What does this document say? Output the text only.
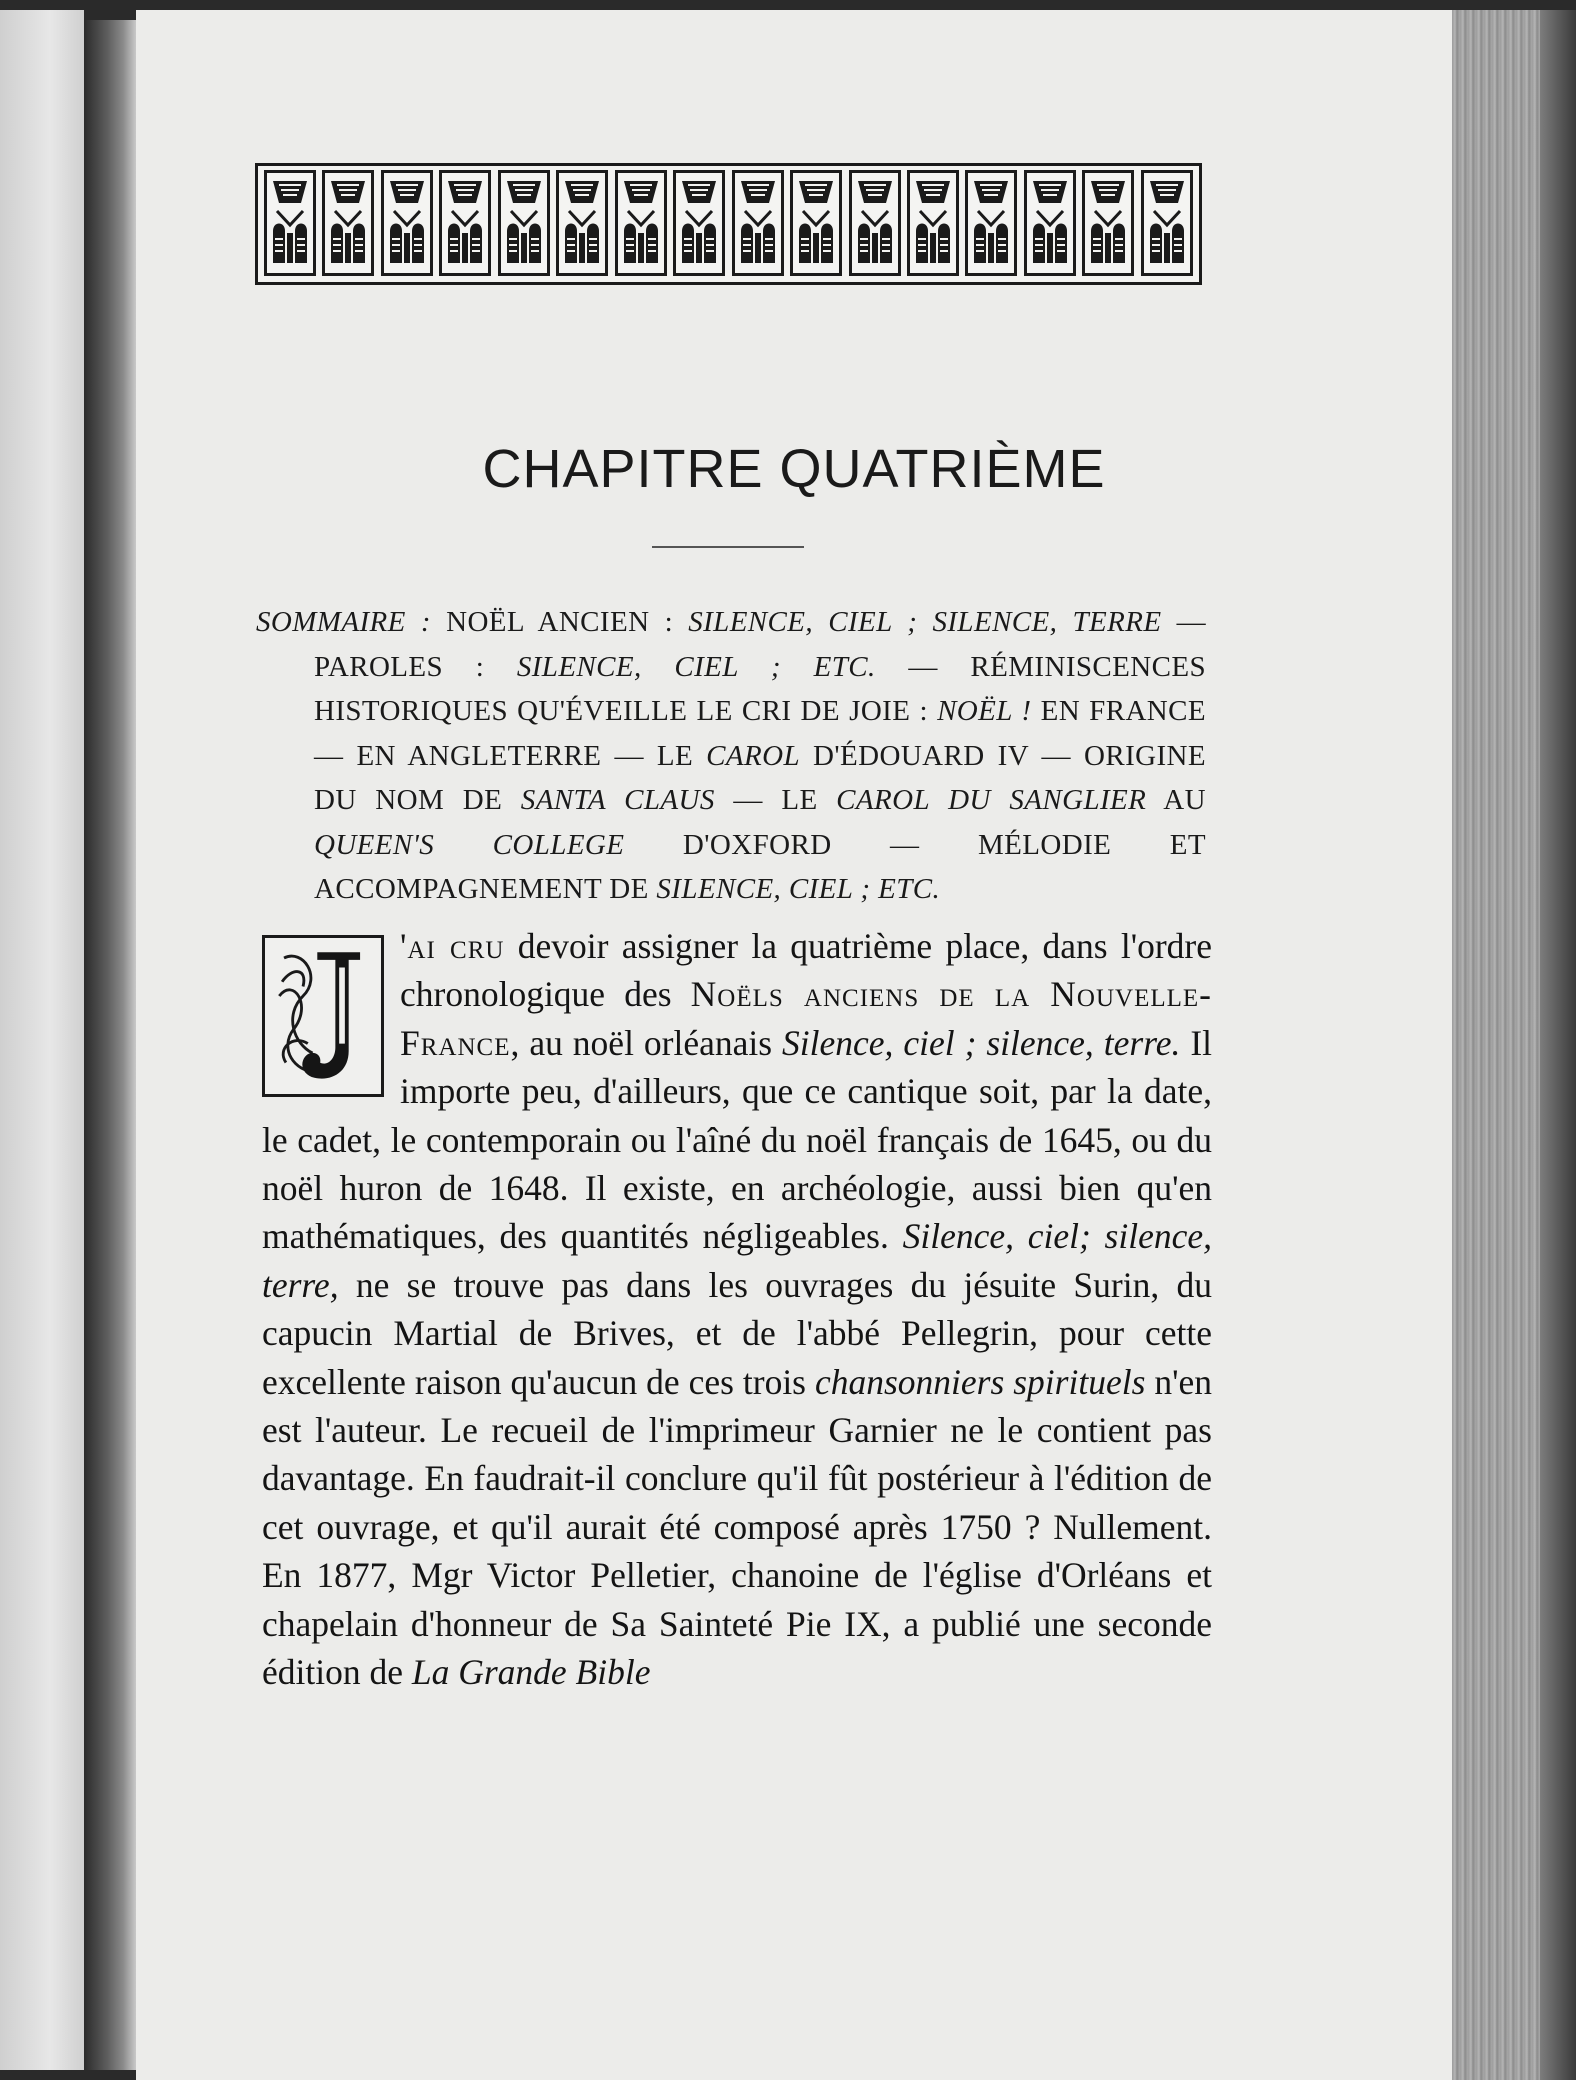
CHAPITRE QUATRIÈME

SOMMAIRE : NOËL ANCIEN : SILENCE, CIEL ; SILENCE, TERRE — PAROLES : SILENCE, CIEL ; ETC. — RÉMINISCENCES HISTORIQUES QU'ÉVEILLE LE CRI DE JOIE : NOËL ! EN FRANCE — EN ANGLETERRE — LE CAROL D'ÉDOUARD IV — ORIGINE DU NOM DE SANTA CLAUS — LE CAROL DU SANGLIER AU QUEEN'S COLLEGE D'OXFORD — MÉLODIE ET ACCOMPAGNEMENT DE SILENCE, CIEL ; ETC.

'ai cru devoir assigner la quatrième place, dans l'ordre chronologique des Noëls anciens de la Nouvelle-France, au noël orléanais Silence, ciel ; silence, terre. Il importe peu, d'ailleurs, que ce cantique soit, par la date, le cadet, le contemporain ou l'aîné du noël français de 1645, ou du noël huron de 1648. Il existe, en archéologie, aussi bien qu'en mathématiques, des quantités négligeables. Silence, ciel; silence, terre, ne se trouve pas dans les ouvrages du jésuite Surin, du capucin Martial de Brives, et de l'abbé Pellegrin, pour cette excellente raison qu'aucun de ces trois chansonniers spirituels n'en est l'auteur. Le recueil de l'imprimeur Garnier ne le contient pas davantage. En faudrait-il conclure qu'il fût postérieur à l'édition de cet ouvrage, et qu'il aurait été composé après 1750 ? Nullement. En 1877, Mgr Victor Pelletier, chanoine de l'église d'Orléans et chapelain d'honneur de Sa Sainteté Pie IX, a publié une seconde édition de La Grande Bible
